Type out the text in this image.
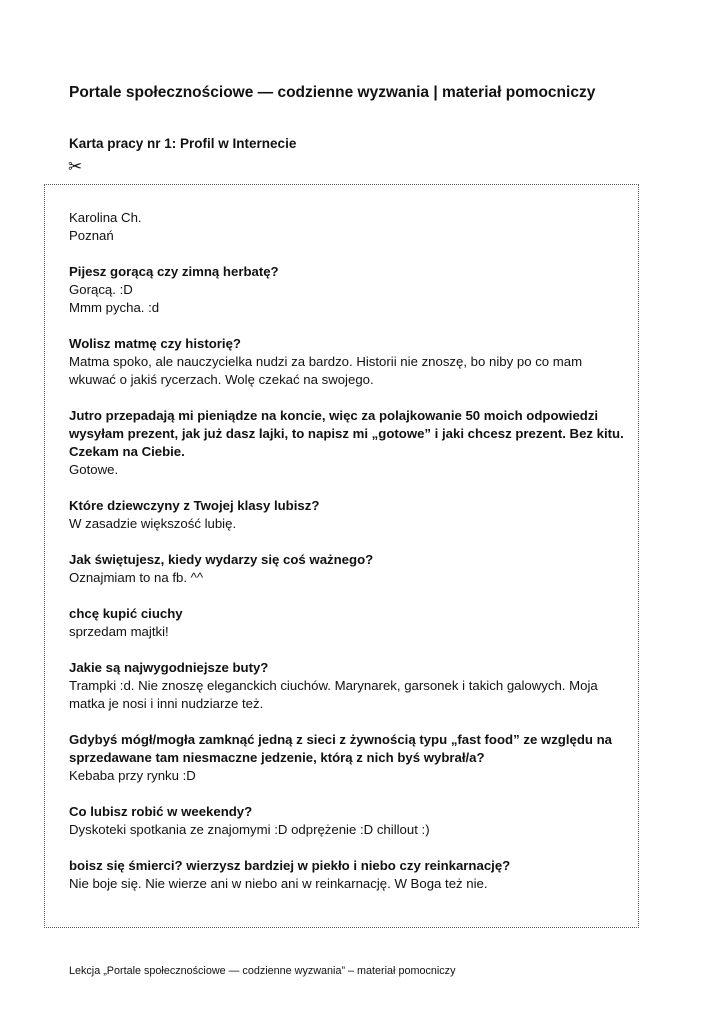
Portale społecznościowe — codzienne wyzwania | materiał pomocniczy
Karta pracy nr 1: Profil w Internecie
✂

Karolina Ch.

Poznań

Pijesz gorącą czy zimną herbatę?

Gorącą. :D
Mmm pycha. :d

Wolisz matmę czy historię?

Matma spoko, ale nauczycielka nudzi za bardzo. Historii nie znoszę, bo niby po co mam wkuwać o jakiś rycerzach. Wolę czekać na swojego.

Jutro przepadają mi pieniądze na koncie, więc za polajkowanie 50 moich odpowiedzi wysyłam prezent, jak już dasz lajki, to napisz mi „gotowe” i jaki chcesz prezent. Bez kitu. Czekam na Ciebie.

Gotowe.

Które dziewczyny z Twojej klasy lubisz?

W zasadzie większość lubię.

Jak świętujesz, kiedy wydarzy się coś ważnego?

Oznajmiam to na fb. ^^

chcę kupić ciuchy

sprzedam majtki!

Jakie są najwygodniejsze buty?

Trampki :d. Nie znoszę eleganckich ciuchów. Marynarek, garsonek i takich galowych. Moja matka je nosi i inni nudziarze też.

Gdybyś mógł/mogła zamknąć jedną z sieci z żywnością typu „fast food” ze względu na sprzedawane tam niesmaczne jedzenie, którą z nich byś wybrał/a?

Kebaba przy rynku :D

Co lubisz robić w weekendy?

Dyskoteki spotkania ze znajomymi :D odprężenie :D chillout :)

boisz się śmierci? wierzysz bardziej w piekło i niebo czy reinkarnację?

Nie boje się. Nie wierze ani w niebo ani w reinkarnację. W Boga też nie.

Lekcja „Portale społecznościowe — codzienne wyzwania” – materiał pomocniczy
